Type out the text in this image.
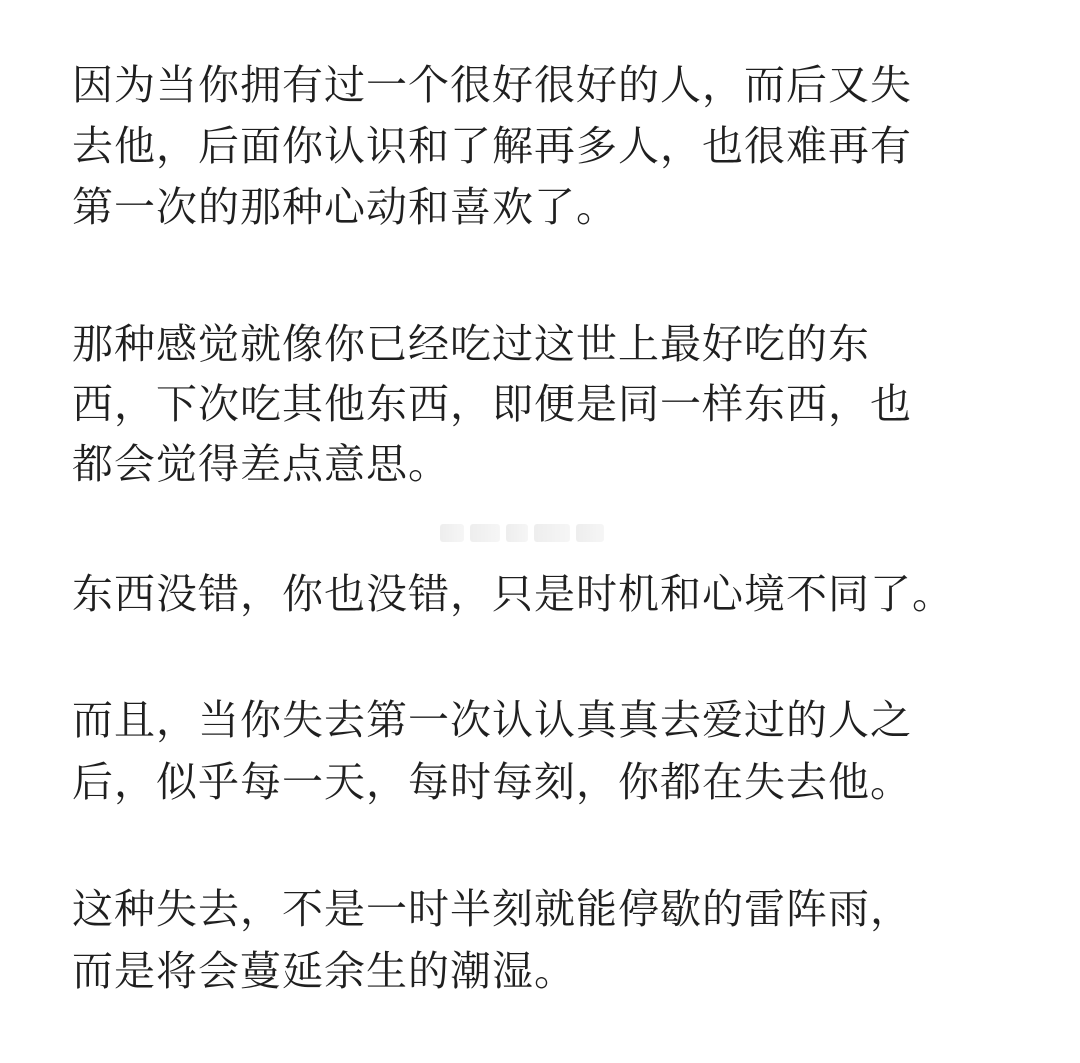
因为当你拥有过一个很好很好的人，而后又失
去他，后面你认识和了解再多人，也很难再有
第一次的那种心动和喜欢了。
那种感觉就像你已经吃过这世上最好吃的东
西，下次吃其他东西，即便是同一样东西，也
都会觉得差点意思。
东西没错，你也没错，只是时机和心境不同了。
而且，当你失去第一次认认真真去爱过的人之
后，似乎每一天，每时每刻，你都在失去他。
这种失去，不是一时半刻就能停歇的雷阵雨，
而是将会蔓延余生的潮湿。
